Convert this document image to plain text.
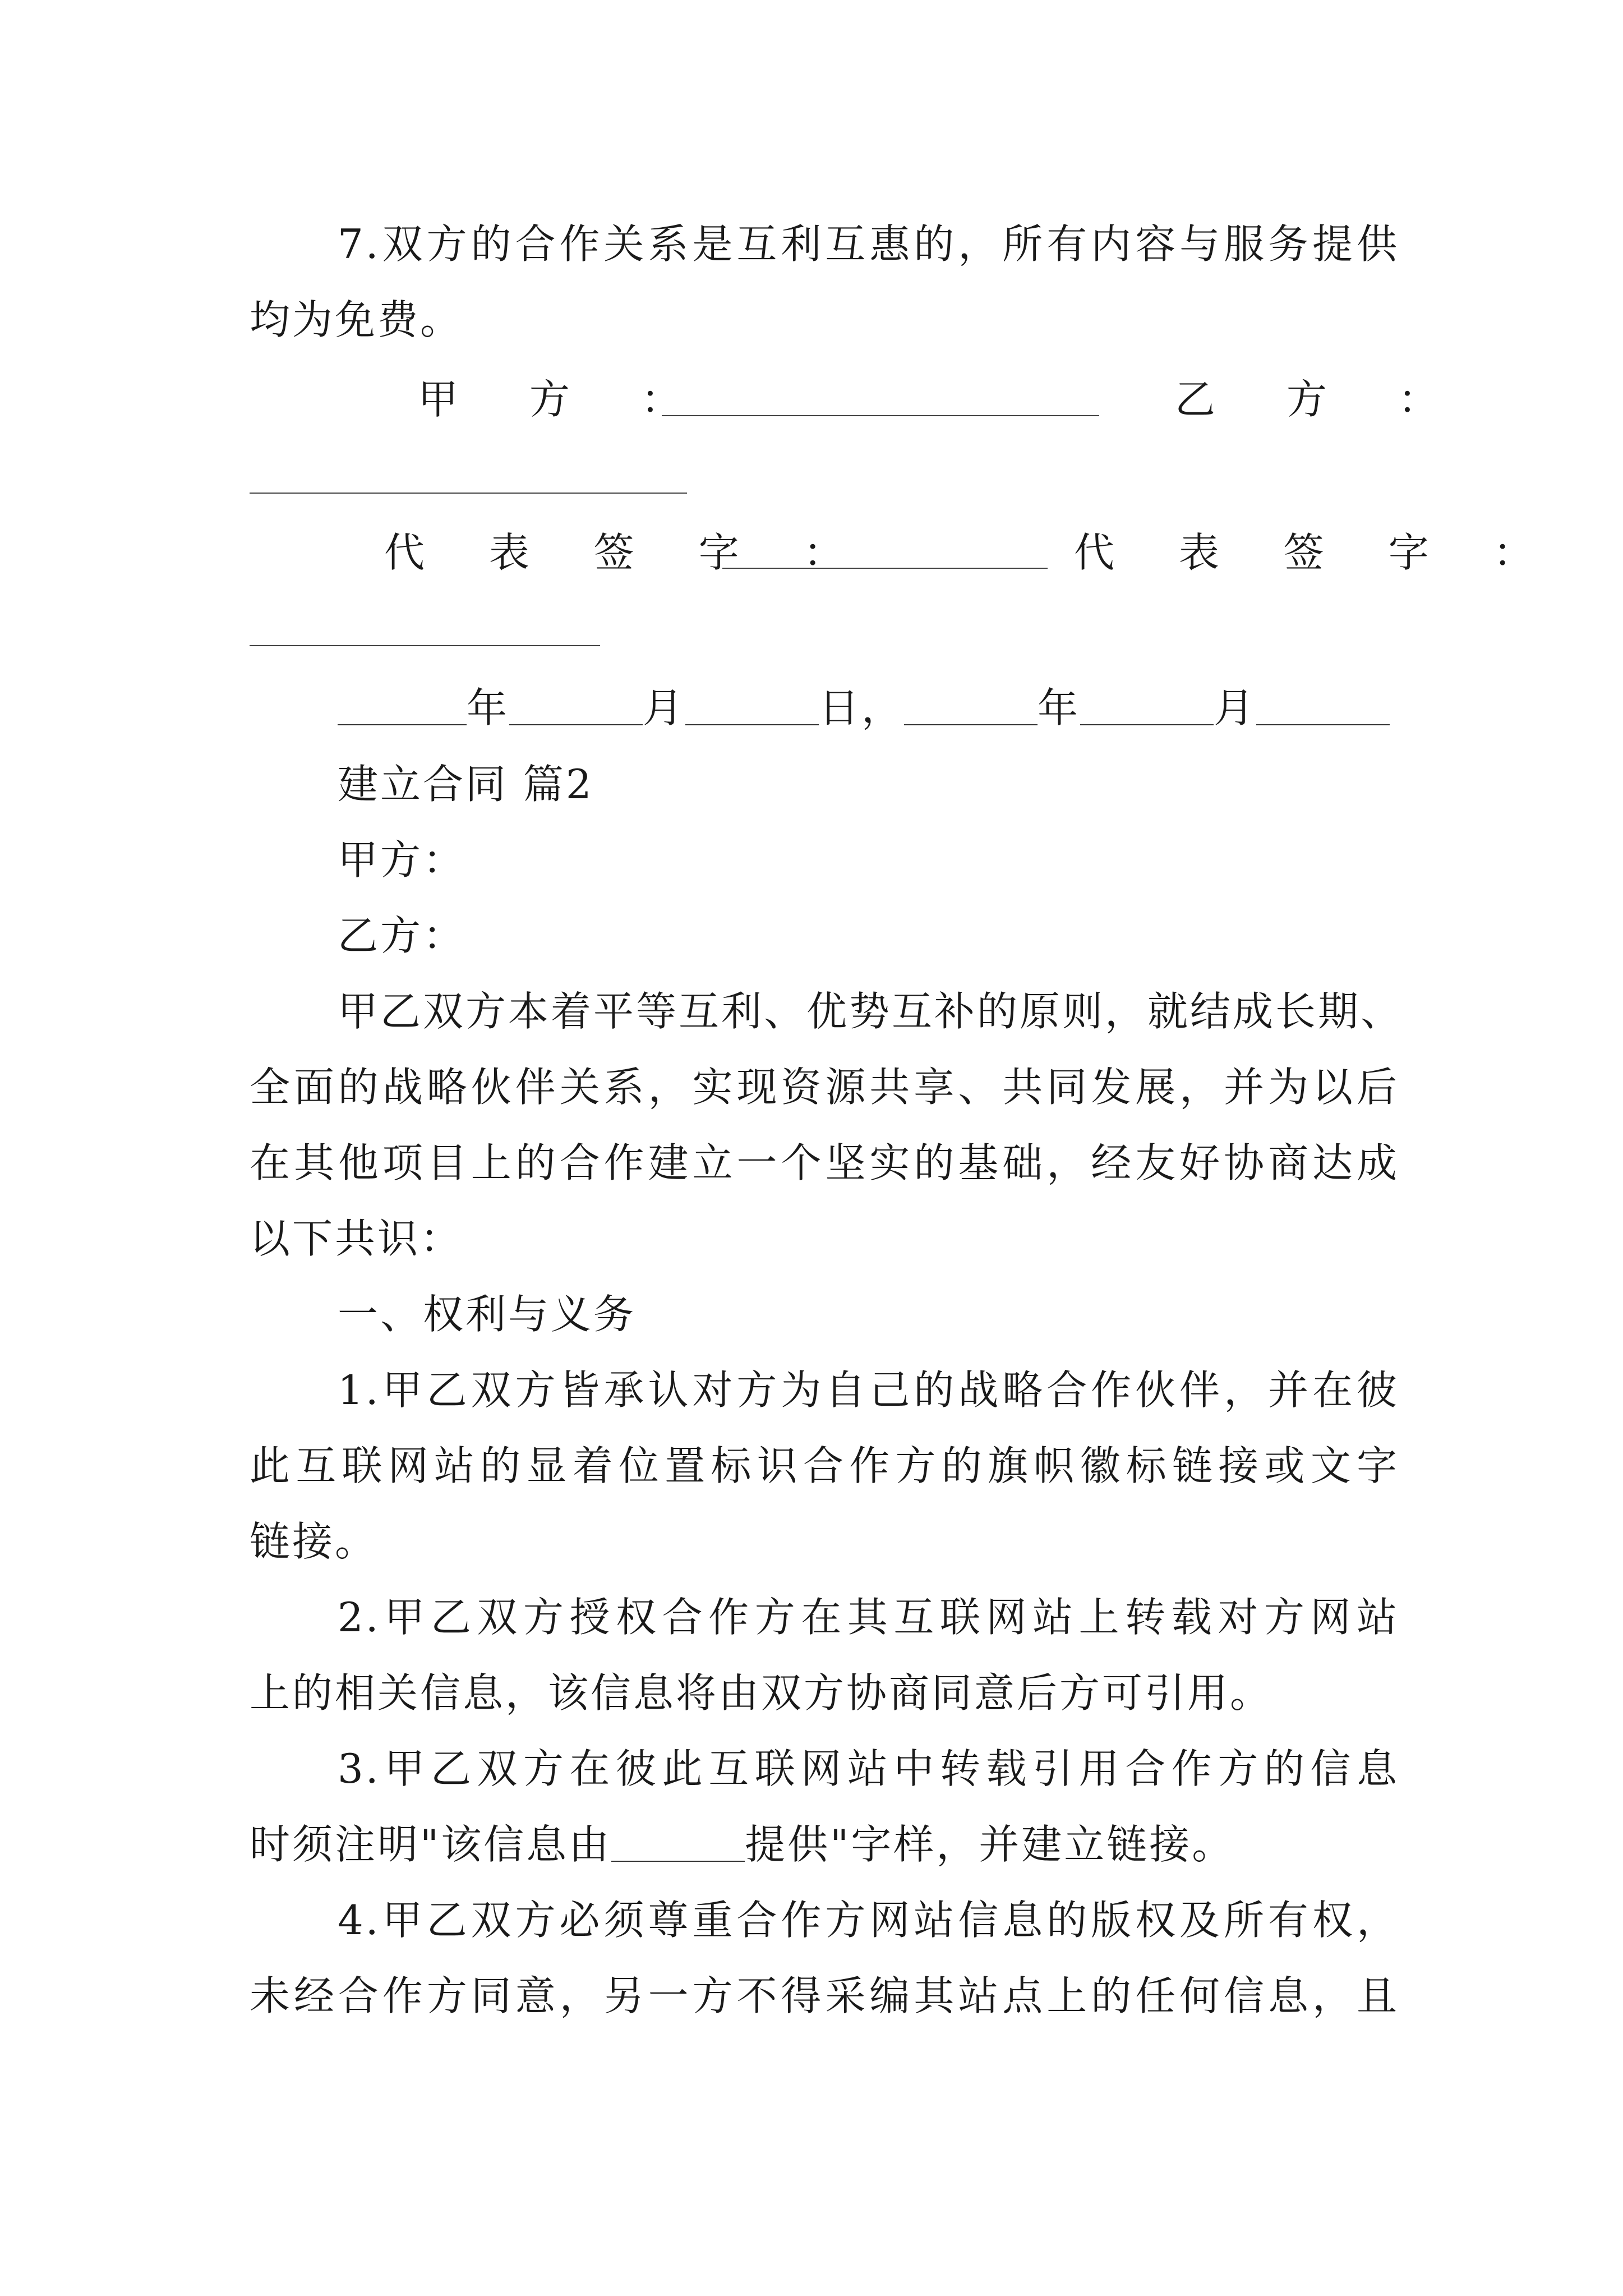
7.双方的合作关系是互利互惠的，所有内容与服务提供
均为免费。
甲 方 ：	乙 方 ：
代 表 签 字 ：	代 表 签 字 ：
年	月	日，	年	月
建立合同 篇2
甲方：
乙方：
甲乙双方本着平等互利、优势互补的原则，就结成长期、
全面的战略伙伴关系，实现资源共享、共同发展，并为以后
在其他项目上的合作建立一个坚实的基础，经友好协商达成
以下共识：
一、权利与义务
1.甲乙双方皆承认对方为自己的战略合作伙伴，并在彼
此互联网站的显着位置标识合作方的旗帜徽标链接或文字
链接。
2.甲乙双方授权合作方在其互联网站上转载对方网站
上的相关信息，该信息将由双方协商同意后方可引用。
3.甲乙双方在彼此互联网站中转载引用合作方的信息
时须注明"该信息由	提供"字样，并建立链接。
4.甲乙双方必须尊重合作方网站信息的版权及所有权，
未经合作方同意，另一方不得采编其站点上的任何信息，且
